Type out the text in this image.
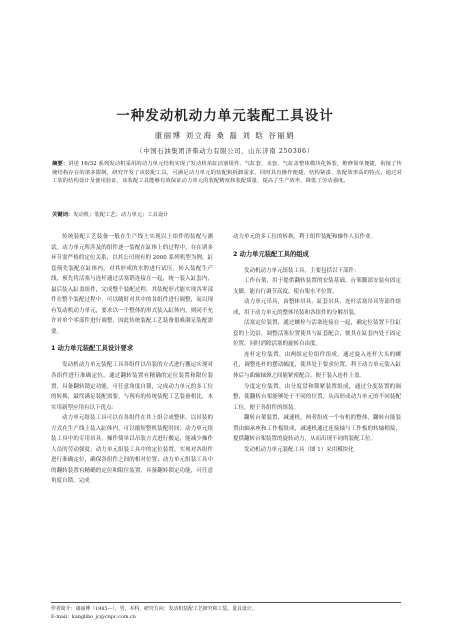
一种发动机动力单元装配工具设计
康丽博 刘立海 桑 磊 刘 晗 谷丽娟
（中国石油集团济柴动力有限公司，山东济南 250306）
摘要：讲述 16/32 系列发动机采用的动力单元结构实现了发动机单缸活塞组件、气缸套、水套、气缸盖整体模块化拆装，维修简单便捷，衔接了传统结构存在的诸多限制，研究开发了该装配工具，可满足动力单元的装配和拆卸需求，同时具有操作便捷、结构紧凑、装配效率高的特点。通过对工装的结构设计及使用验证，该装配工具能够有效保证动力单元的装配精度和装配质量，提高了生产效率，降低了劳动强度。
关键词：发动机；装配工艺；动力单元；工具设计

传统装配工艺装备一般在生产线上实现以上组件的装配与测试。动力单元所涉及的组件逐一装配在缸体上的过程中，存在诸多环节需严格的定位关系，以其公司现有的 2000 系列机型为例，缸套预先装配在缸体内，对其形成的水腔进行试压，转入装配生产线，预先将活塞与连杆通过活塞销连接在一起，统一装入缸套内，最后装入缸盖组件，完成整个装配过程。其装配形式能实现各零部件在整个装配过程中，可以随时对其中的各组件进行调整，而以现有发动机动力单元，要求以一个整体的形式装入缸体内，则同不允许对单个零部件进行调整，因此传统装配工艺装备很难满足装配需要。

1 动力单元装配工具设计要求

发动机动力单元装配工具各组件以吊装的方式进行搬运实现对各组件进行准确定位，通过翻转装置有精确的定位装置和限位装置，具备翻转锁定功能，可任意角度自锁，完成动力单元的多工位的转换，最终满足装配需要，与现有的传统装配工艺装备相比，本实用新型应用有以下优点：

动力单元组装工具可以在各组件在其上组合成整体，以吊装的方式在生产线上装入缸体内，可以缩短整机装配时间；动力单元组装工具中的专用吊具，操作简单以吊装方式进行搬运，能减少操作人员的劳动强度；动力单元组装工具中的定位装置，实现对各组件进行准确定位，确保各组件之间的相对位置；动力单元组装工具中的翻转装置有精确的定位和限位装置，具备翻转锁定功能，可任意角度自锁，完成

动力单元的多工位的转换，利于组件装配和操作人员作业。

2 动力单元装配工具的组成

发动机动力单元组装工具，主要包括以下部件：

工作台架，用于提供翻转装置的安装基础，台架脚部安装有固定支脚，能自行调节高度，使台架水平位置。

动力单元吊具，由整体吊具、缸套吊具、连杆活塞吊具等部件组成，用于动力单元的整体吊装和各组件的分解吊装。

活塞定位装置，通过螺栓与活塞连接在一起，确定位装置下住缸套的上边沿，调整活塞位置使其与缸套配合，便其在缸套内处于固定位置，同时消除活塞的旋转自由度。

连杆定位装置，由两组定位组件组成，通过旋入连杆大头的螺孔，调整连杆的摆动幅度，使其处于要求位置，利于动力单元装入缸体后与曲轴轴颈之间能紧密配合，便于装入连杆上盖。

分度定位装置，由分度盘和锁紧装置组成，通过分度装置的调整，使翻转台架能够处于不同的位置，从而形成动力单元的不同装配工位，便于各组件的组装。

翻转台架装置，减速机，两者组成一个有机的整体，翻转台能装置由轴承座和工作板组成，减速机通过连接轴与工作板的转轴相接，提供翻转台架装置的旋转动力，从而出现不同的装配工位。

发动机动力单元装配工具（图 1）采用模块化

作者简介：康丽博（1985—），男，本科，研究方向：发动机装配工艺研究和工装、量具设计。
E-mail：kanglibo_jc@cnpc.com.cn
